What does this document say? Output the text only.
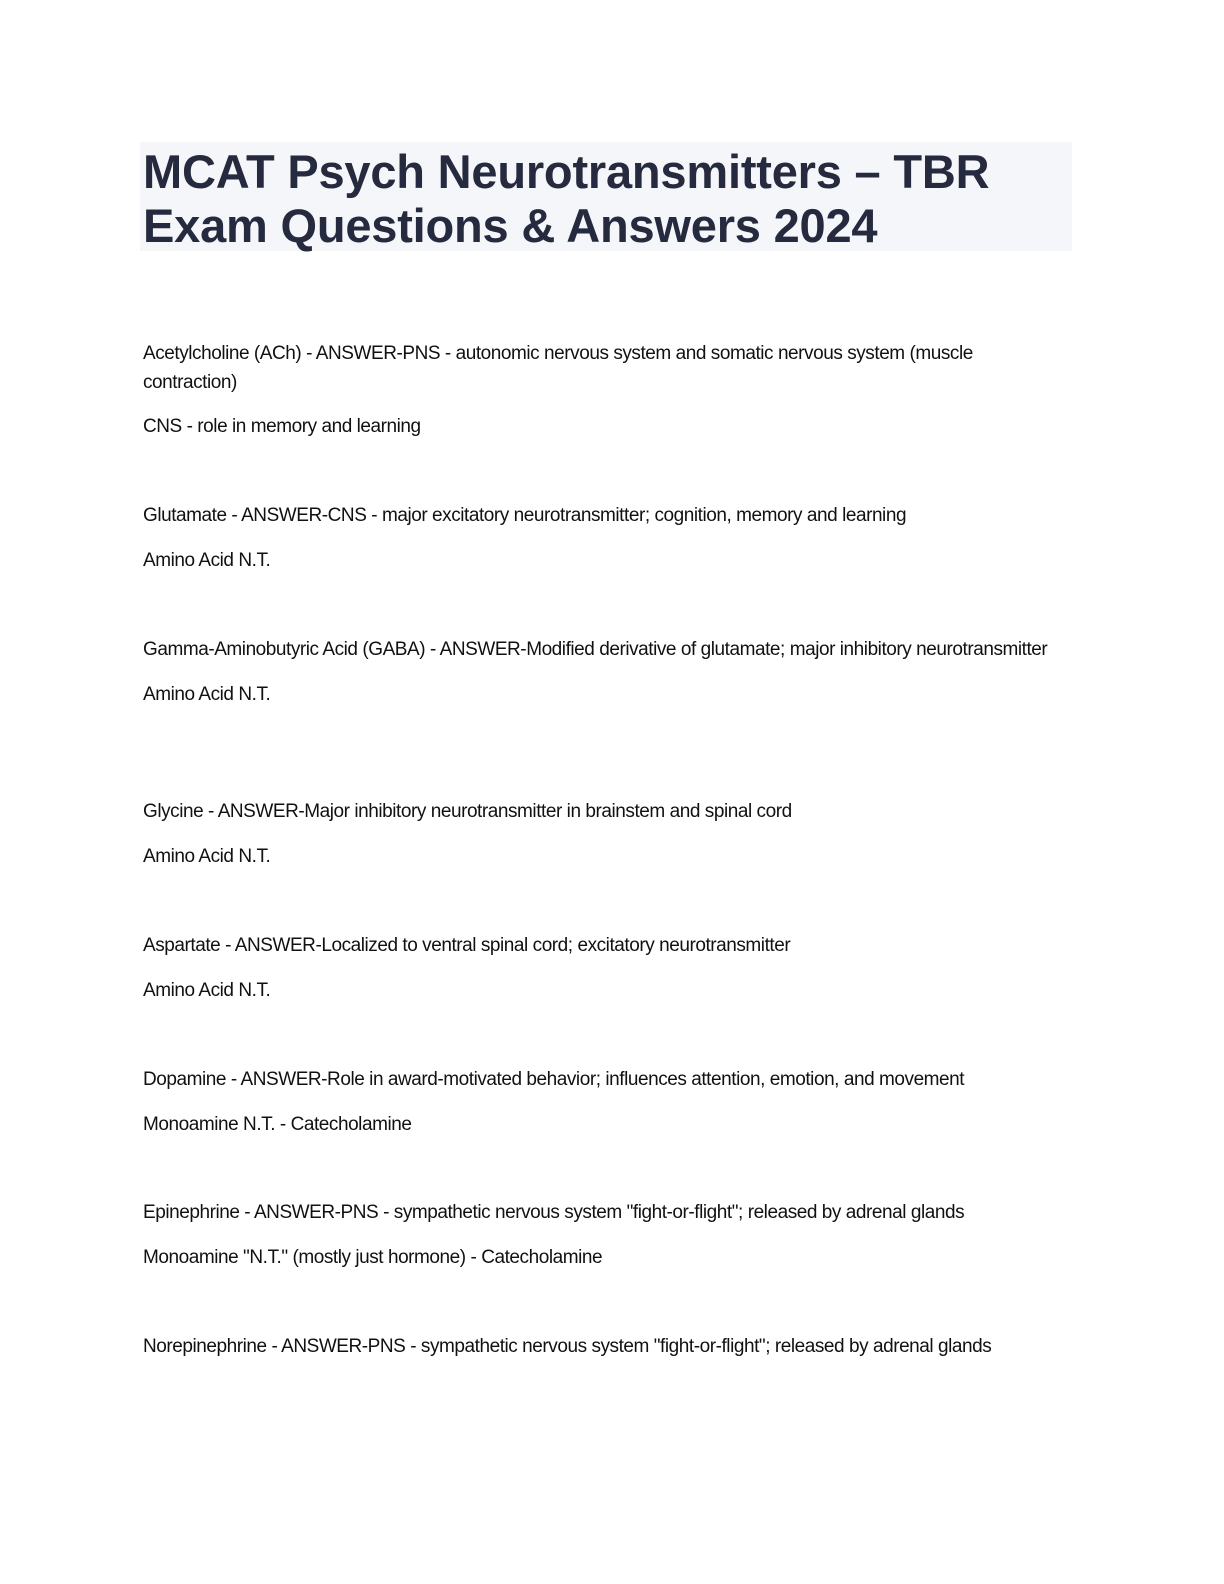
MCAT Psych Neurotransmitters – TBR
Exam Questions & Answers 2024

Acetylcholine (ACh) - ANSWER-PNS - autonomic nervous system and somatic nervous system (muscle contraction)

CNS - role in memory and learning

Glutamate - ANSWER-CNS - major excitatory neurotransmitter; cognition, memory and learning

Amino Acid N.T.

Gamma-Aminobutyric Acid (GABA) - ANSWER-Modified derivative of glutamate; major inhibitory neurotransmitter

Amino Acid N.T.

Glycine - ANSWER-Major inhibitory neurotransmitter in brainstem and spinal cord

Amino Acid N.T.

Aspartate - ANSWER-Localized to ventral spinal cord; excitatory neurotransmitter

Amino Acid N.T.

Dopamine - ANSWER-Role in award-motivated behavior; influences attention, emotion, and movement

Monoamine N.T. - Catecholamine

Epinephrine - ANSWER-PNS - sympathetic nervous system "fight-or-flight"; released by adrenal glands

Monoamine "N.T." (mostly just hormone) - Catecholamine

Norepinephrine - ANSWER-PNS - sympathetic nervous system "fight-or-flight"; released by adrenal glands
